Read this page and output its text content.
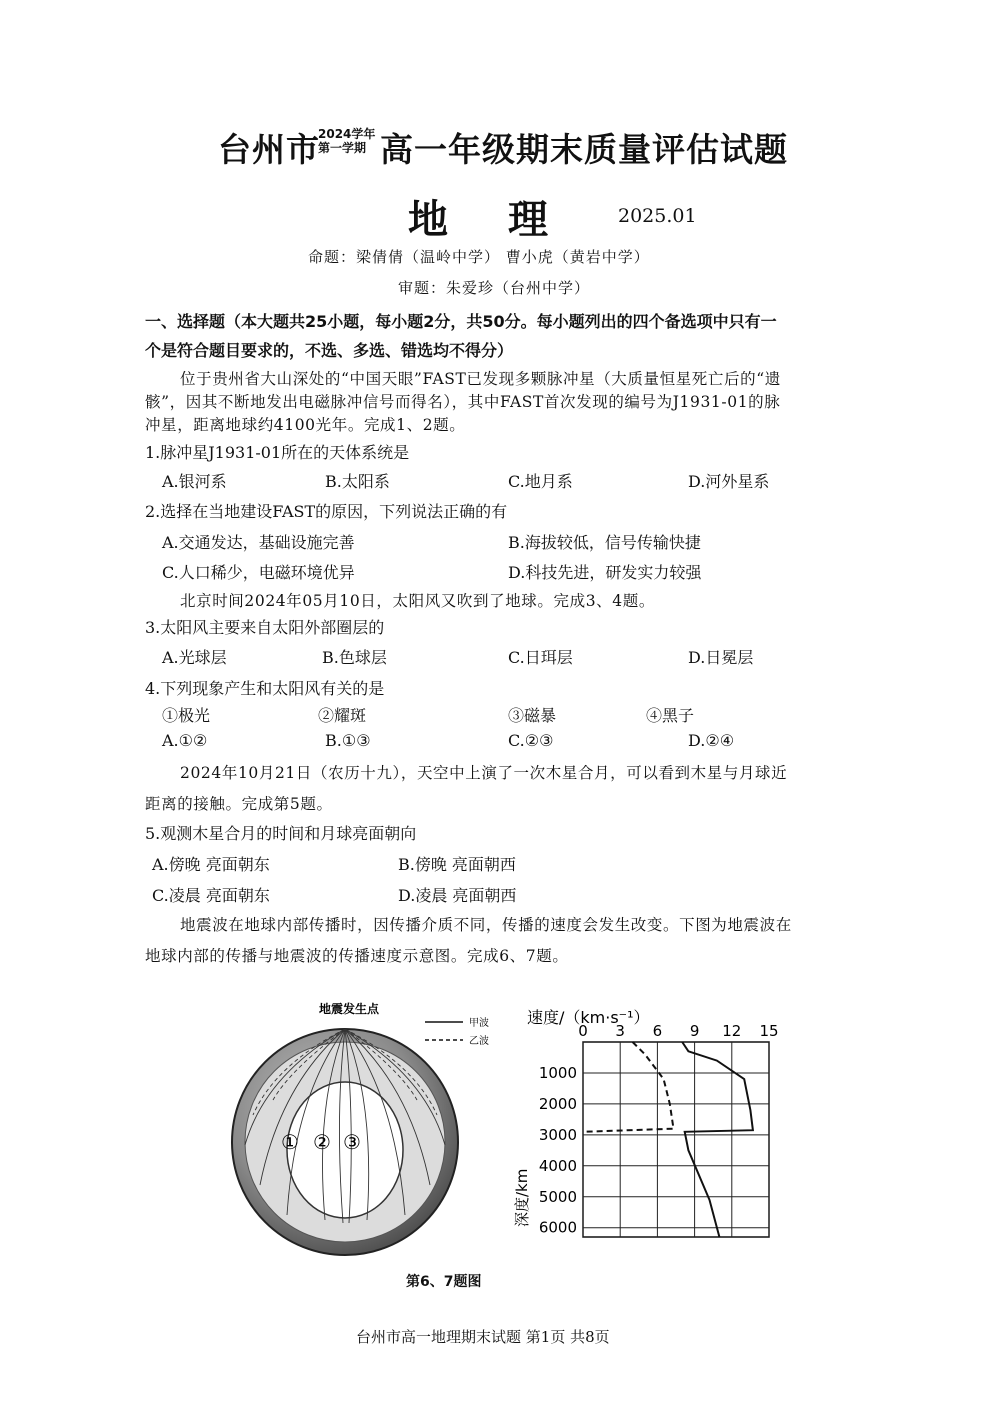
台州市
2024学年
第一学期 高一年级期末质量评估试题
地理 2025.01
命题：梁倩倩（温岭中学） 曹小虎（黄岩中学）
审题：朱爱珍（台州中学）
一、选择题（本大题共25小题，每小题2分，共50分。每小题列出的四个备选项中只有一
个是符合题目要求的，不选、多选、错选均不得分）
位于贵州省大山深处的“中国天眼”FAST已发现多颗脉冲星（大质量恒星死亡后的“遗
骸”，因其不断地发出电磁脉冲信号而得名），其中FAST首次发现的编号为J1931-01的脉
冲星，距离地球约4100光年。完成1、2题。
1.脉冲星J1931-01所在的天体系统是
A.银河系	B.太阳系	C.地月系	D.河外星系
2.选择在当地建设FAST的原因，下列说法正确的有
A.交通发达，基础设施完善	B.海拔较低，信号传输快捷
C.人口稀少，电磁环境优异	D.科技先进，研发实力较强
北京时间2024年05月10日，太阳风又吹到了地球。完成3、4题。
3.太阳风主要来自太阳外部圈层的
A.光球层	B.色球层	C.日珥层	D.日冕层
4.下列现象产生和太阳风有关的是
①极光	②耀斑	③磁暴	④黑子
A.①②	B.①③	C.②③	D.②④
2024年10月21日（农历十九），天空中上演了一次木星合月，可以看到木星与月球近
距离的接触。完成第5题。
5.观测木星合月的时间和月球亮面朝向
A.傍晚 亮面朝东	B.傍晚 亮面朝西
C.凌晨 亮面朝东	D.凌晨 亮面朝西
地震波在地球内部传播时，因传播介质不同，传播的速度会发生改变。下图为地震波在
地球内部的传播与地震波的传播速度示意图。完成6、7题。
地震发生点
甲波
乙波
① ② ③
速度/（km·s⁻¹）
0 3 6 9 12 15
1000
2000
3000
4000
5000
6000
深度/km
第6、7题图
台州市高一地理期末试题 第1页 共8页
